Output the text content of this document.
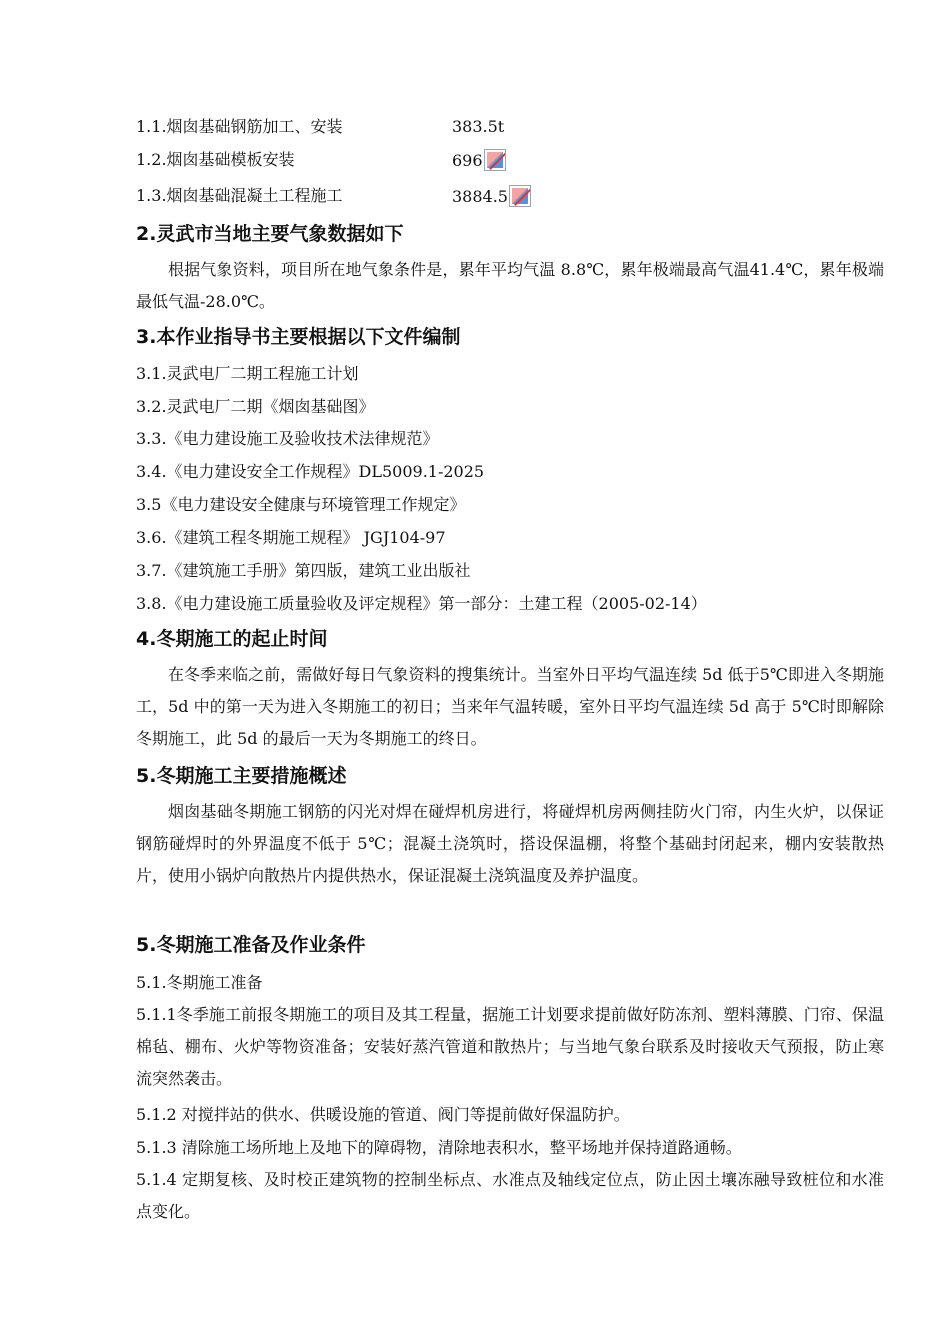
1.1.烟囱基础钢筋加工、安装	383.5t
1.2.烟囱基础模板安装	696
1.3.烟囱基础混凝土工程施工	3884.5
2.灵武市当地主要气象数据如下
根据气象资料，项目所在地气象条件是，累年平均气温 8.8℃，累年极端最高气温41.4℃，累年极端最低气温-28.0℃。
3.本作业指导书主要根据以下文件编制
3.1.灵武电厂二期工程施工计划
3.2.灵武电厂二期《烟囱基础图》
3.3.《电力建设施工及验收技术法律规范》
3.4.《电力建设安全工作规程》DL5009.1-2025
3.5《电力建设安全健康与环境管理工作规定》
3.6.《建筑工程冬期施工规程》 JGJ104-97
3.7.《建筑施工手册》第四版，建筑工业出版社
3.8.《电力建设施工质量验收及评定规程》第一部分：土建工程（2005-02-14）
4.冬期施工的起止时间
在冬季来临之前，需做好每日气象资料的搜集统计。当室外日平均气温连续 5d 低于5℃即进入冬期施工，5d 中的第一天为进入冬期施工的初日；当来年气温转暖，室外日平均气温连续 5d 高于 5℃时即解除冬期施工，此 5d 的最后一天为冬期施工的终日。
5.冬期施工主要措施概述
烟囱基础冬期施工钢筋的闪光对焊在碰焊机房进行，将碰焊机房两侧挂防火门帘，内生火炉，以保证钢筋碰焊时的外界温度不低于 5℃；混凝土浇筑时，搭设保温棚，将整个基础封闭起来，棚内安装散热片，使用小锅炉向散热片内提供热水，保证混凝土浇筑温度及养护温度。
5.冬期施工准备及作业条件
5.1.冬期施工准备
5.1.1冬季施工前报冬期施工的项目及其工程量，据施工计划要求提前做好防冻剂、塑料薄膜、门帘、保温棉毡、棚布、火炉等物资准备；安装好蒸汽管道和散热片；与当地气象台联系及时接收天气预报，防止寒流突然袭击。
5.1.2 对搅拌站的供水、供暖设施的管道、阀门等提前做好保温防护。
5.1.3 清除施工场所地上及地下的障碍物，清除地表积水，整平场地并保持道路通畅。
5.1.4 定期复核、及时校正建筑物的控制坐标点、水准点及轴线定位点，防止因土壤冻融导致桩位和水准点变化。
